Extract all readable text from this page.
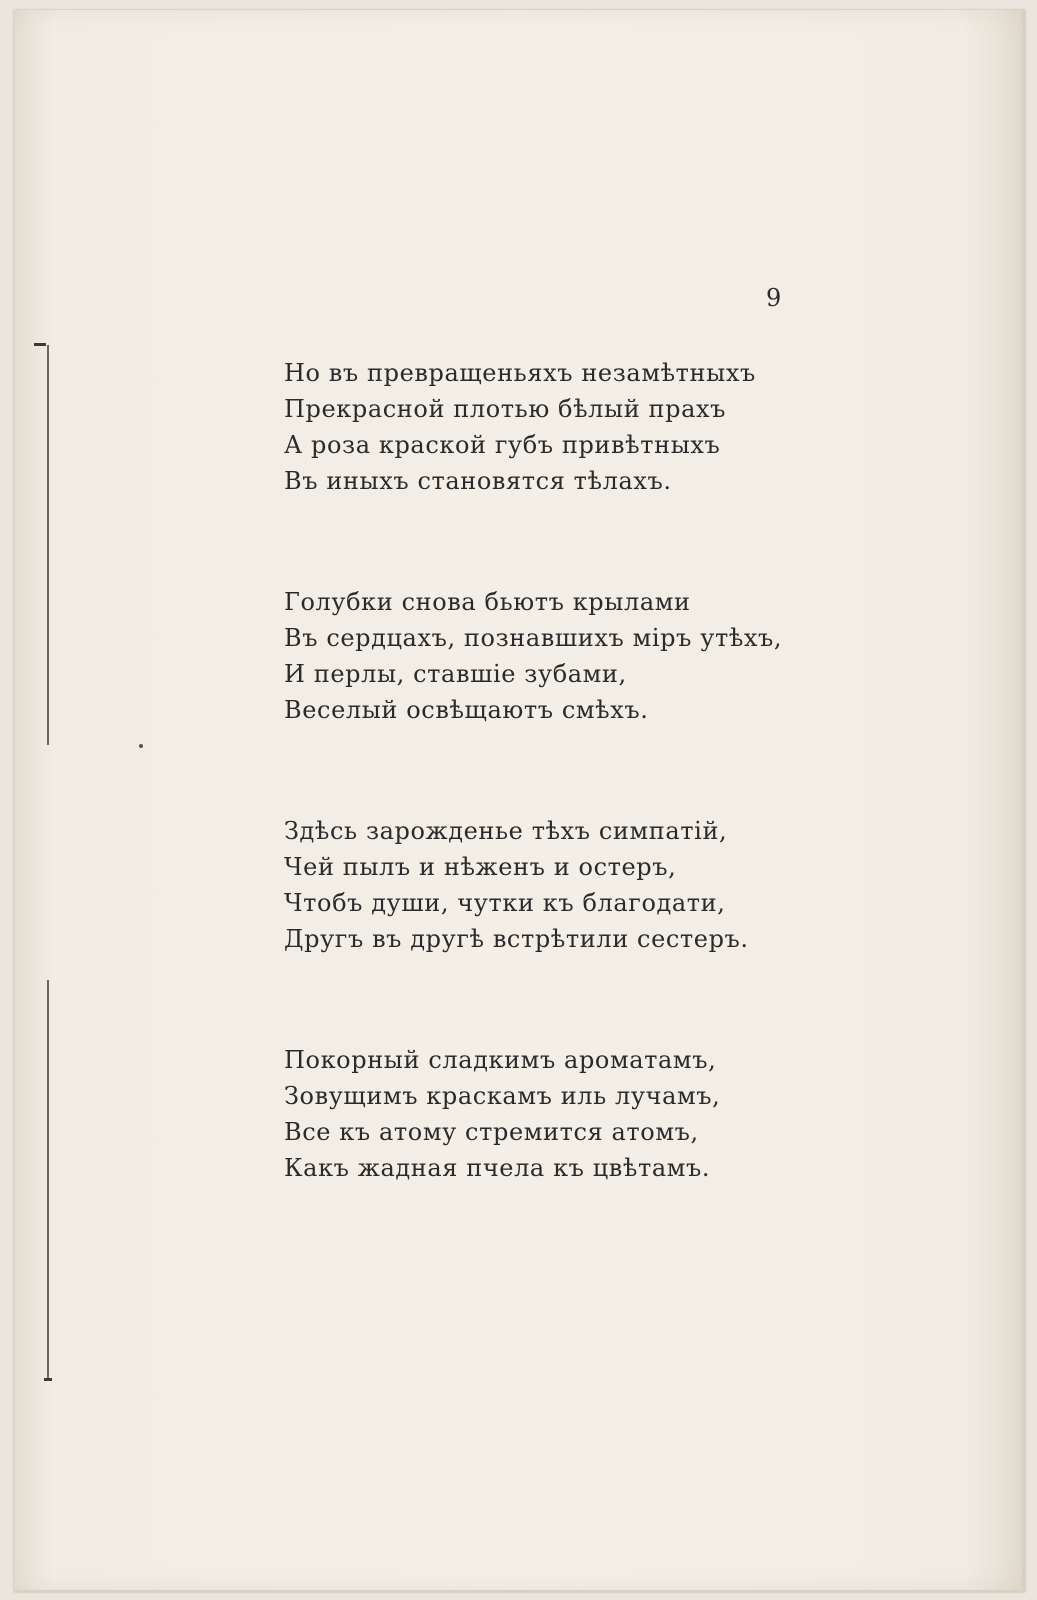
9
Но въ превращеньяхъ незамѣтныхъ
Прекрасной плотью бѣлый прахъ
А роза краской губъ привѣтныхъ
Въ иныхъ становятся тѣлахъ.
Голубки снова бьютъ крылами
Въ сердцахъ, познавшихъ міръ утѣхъ,
И перлы, ставшіе зубами,
Веселый освѣщаютъ смѣхъ.
Здѣсь зарожденье тѣхъ симпатій,
Чей пылъ и нѣженъ и остеръ,
Чтобъ души, чутки къ благодати,
Другъ въ другѣ встрѣтили сестеръ.
Покорный сладкимъ ароматамъ,
Зовущимъ краскамъ иль лучамъ,
Все къ атому стремится атомъ,
Какъ жадная пчела къ цвѣтамъ.
